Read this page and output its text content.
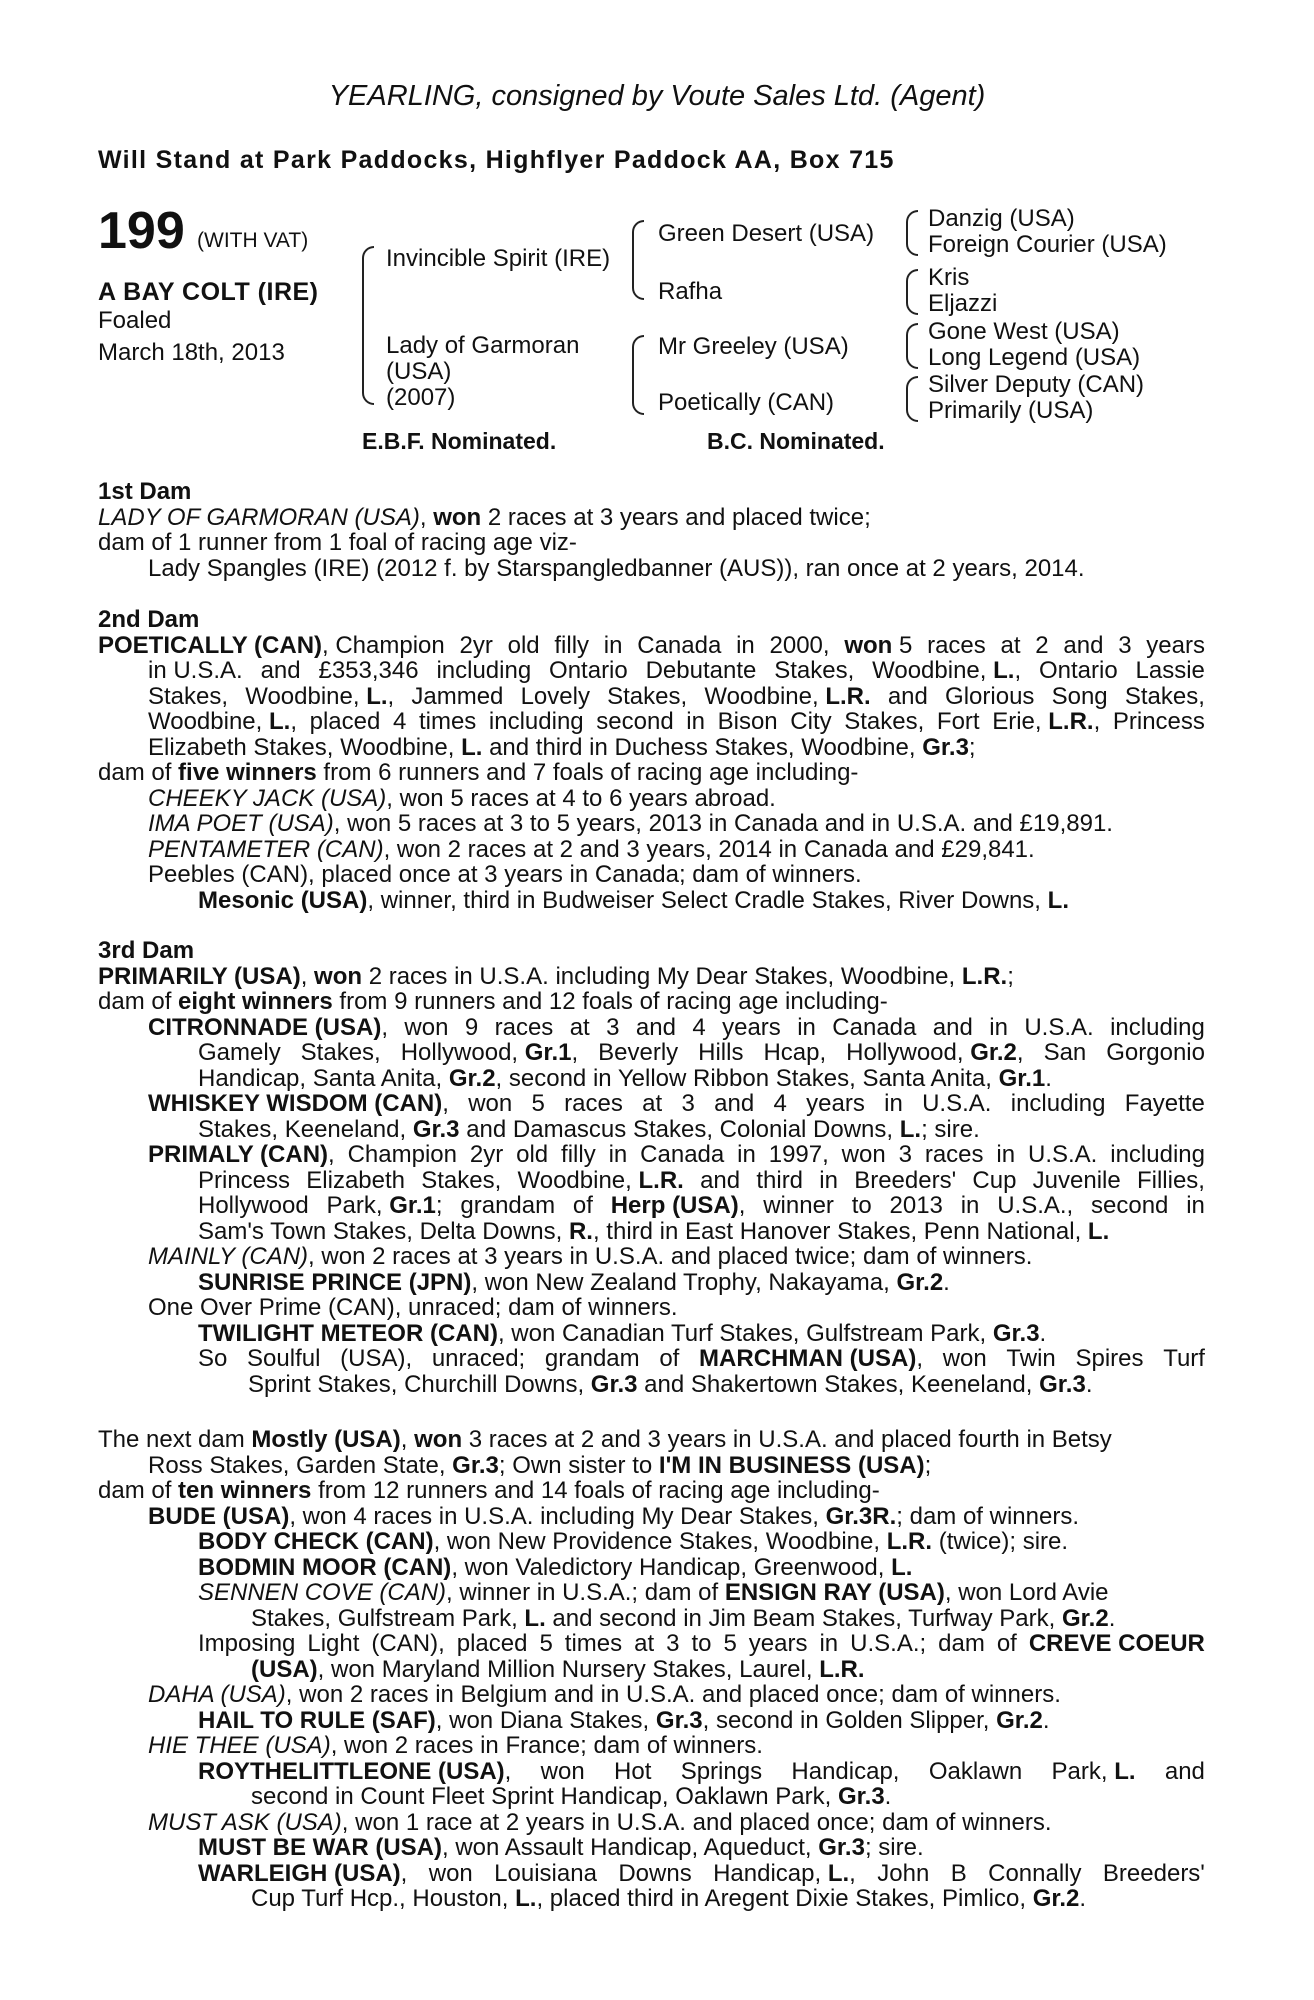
YEARLING, consigned by Voute Sales Ltd. (Agent)
Will Stand at Park Paddocks, Highflyer Paddock AA, Box 715
199 (WITH VAT)
A BAY COLT (IRE)
Foaled
March 18th, 2013
Invincible Spirit (IRE)
Lady of Garmoran
(USA)
(2007)
Green Desert (USA)
Rafha
Mr Greeley (USA)
Poetically (CAN)
Danzig (USA)
Foreign Courier (USA)
Kris
Eljazzi
Gone West (USA)
Long Legend (USA)
Silver Deputy (CAN)
Primarily (USA)
E.B.F. Nominated.	B.C. Nominated.
1st Dam
LADY OF GARMORAN (USA), won 2 races at 3 years and placed twice;
dam of 1 runner from 1 foal of racing age viz-
Lady Spangles (IRE) (2012 f. by Starspangledbanner (AUS)), ran once at 2 years, 2014.
2nd Dam
POETICALLY (CAN), Champion 2yr old filly in Canada in 2000, won 5 races at 2 and 3 years
in U.S.A. and £353,346 including Ontario Debutante Stakes, Woodbine, L., Ontario Lassie
Stakes, Woodbine, L., Jammed Lovely Stakes, Woodbine, L.R. and Glorious Song Stakes,
Woodbine, L., placed 4 times including second in Bison City Stakes, Fort Erie, L.R., Princess
Elizabeth Stakes, Woodbine, L. and third in Duchess Stakes, Woodbine, Gr.3;
dam of five winners from 6 runners and 7 foals of racing age including-
CHEEKY JACK (USA), won 5 races at 4 to 6 years abroad.
IMA POET (USA), won 5 races at 3 to 5 years, 2013 in Canada and in U.S.A. and £19,891.
PENTAMETER (CAN), won 2 races at 2 and 3 years, 2014 in Canada and £29,841.
Peebles (CAN), placed once at 3 years in Canada; dam of winners.
Mesonic (USA), winner, third in Budweiser Select Cradle Stakes, River Downs, L.
3rd Dam
PRIMARILY (USA), won 2 races in U.S.A. including My Dear Stakes, Woodbine, L.R.;
dam of eight winners from 9 runners and 12 foals of racing age including-
CITRONNADE (USA), won 9 races at 3 and 4 years in Canada and in U.S.A. including
Gamely Stakes, Hollywood, Gr.1, Beverly Hills Hcap, Hollywood, Gr.2, San Gorgonio
Handicap, Santa Anita, Gr.2, second in Yellow Ribbon Stakes, Santa Anita, Gr.1.
WHISKEY WISDOM (CAN), won 5 races at 3 and 4 years in U.S.A. including Fayette
Stakes, Keeneland, Gr.3 and Damascus Stakes, Colonial Downs, L.; sire.
PRIMALY (CAN), Champion 2yr old filly in Canada in 1997, won 3 races in U.S.A. including
Princess Elizabeth Stakes, Woodbine, L.R. and third in Breeders' Cup Juvenile Fillies,
Hollywood Park, Gr.1; grandam of Herp (USA), winner to 2013 in U.S.A., second in
Sam's Town Stakes, Delta Downs, R., third in East Hanover Stakes, Penn National, L.
MAINLY (CAN), won 2 races at 3 years in U.S.A. and placed twice; dam of winners.
SUNRISE PRINCE (JPN), won New Zealand Trophy, Nakayama, Gr.2.
One Over Prime (CAN), unraced; dam of winners.
TWILIGHT METEOR (CAN), won Canadian Turf Stakes, Gulfstream Park, Gr.3.
So Soulful (USA), unraced; grandam of MARCHMAN (USA), won Twin Spires Turf
Sprint Stakes, Churchill Downs, Gr.3 and Shakertown Stakes, Keeneland, Gr.3.
The next dam Mostly (USA), won 3 races at 2 and 3 years in U.S.A. and placed fourth in Betsy
Ross Stakes, Garden State, Gr.3; Own sister to I'M IN BUSINESS (USA);
dam of ten winners from 12 runners and 14 foals of racing age including-
BUDE (USA), won 4 races in U.S.A. including My Dear Stakes, Gr.3R.; dam of winners.
BODY CHECK (CAN), won New Providence Stakes, Woodbine, L.R. (twice); sire.
BODMIN MOOR (CAN), won Valedictory Handicap, Greenwood, L.
SENNEN COVE (CAN), winner in U.S.A.; dam of ENSIGN RAY (USA), won Lord Avie
Stakes, Gulfstream Park, L. and second in Jim Beam Stakes, Turfway Park, Gr.2.
Imposing Light (CAN), placed 5 times at 3 to 5 years in U.S.A.; dam of CREVE COEUR
(USA), won Maryland Million Nursery Stakes, Laurel, L.R.
DAHA (USA), won 2 races in Belgium and in U.S.A. and placed once; dam of winners.
HAIL TO RULE (SAF), won Diana Stakes, Gr.3, second in Golden Slipper, Gr.2.
HIE THEE (USA), won 2 races in France; dam of winners.
ROYTHELITTLEONE (USA), won Hot Springs Handicap, Oaklawn Park, L. and
second in Count Fleet Sprint Handicap, Oaklawn Park, Gr.3.
MUST ASK (USA), won 1 race at 2 years in U.S.A. and placed once; dam of winners.
MUST BE WAR (USA), won Assault Handicap, Aqueduct, Gr.3; sire.
WARLEIGH (USA), won Louisiana Downs Handicap, L., John B Connally Breeders'
Cup Turf Hcp., Houston, L., placed third in Aregent Dixie Stakes, Pimlico, Gr.2.
